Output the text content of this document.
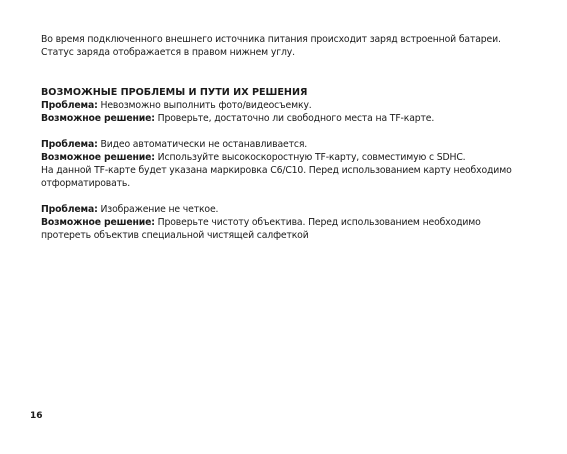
Во время подключенного внешнего источника питания происходит заряд встроенной батареи.
Статус заряда отображается в правом нижнем углу.
ВОЗМОЖНЫЕ ПРОБЛЕМЫ И ПУТИ ИХ РЕШЕНИЯ
Проблема: Невозможно выполнить фото/видеосъемку.
Возможное решение: Проверьте, достаточно ли свободного места на TF-карте.
Проблема: Видео автоматически не останавливается.
Возможное решение: Используйте высокоскоростную TF-карту, совместимую с SDHC.
На данной TF-карте будет указана маркировка C6/C10. Перед использованием карту необходимо
отформатировать.
Проблема: Изображение не четкое.
Возможное решение: Проверьте чистоту объектива. Перед использованием необходимо
протереть объектив специальной чистящей салфеткой
16
